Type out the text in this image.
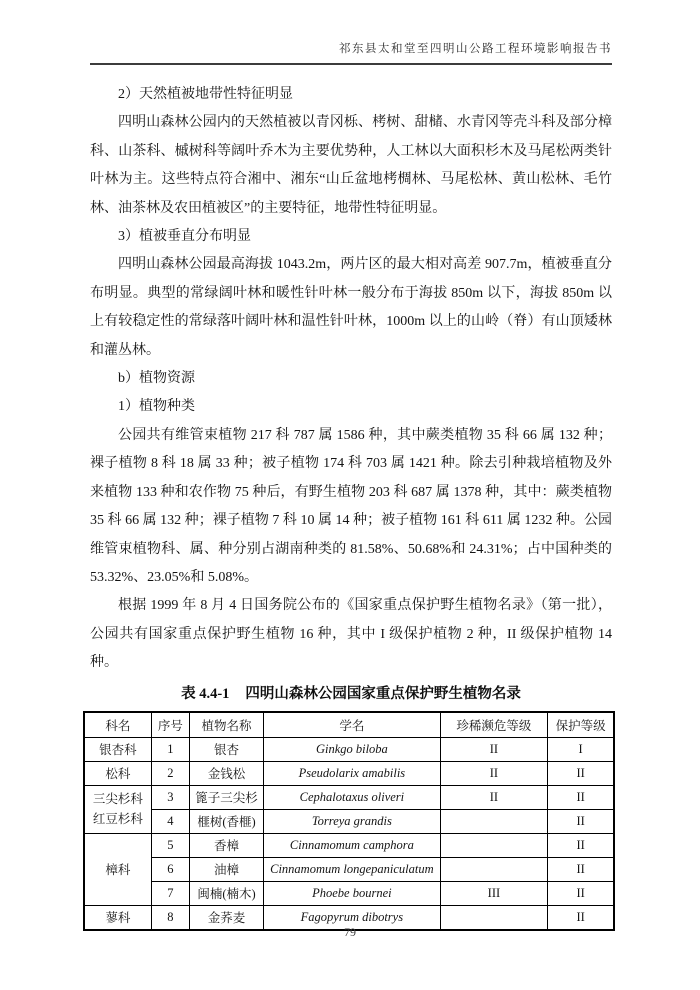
祁东县太和堂至四明山公路工程环境影响报告书

2）天然植被地带性特征明显

四明山森林公园内的天然植被以青冈栎、栲树、甜槠、水青冈等壳斗科及部分樟科、山茶科、槭树科等阔叶乔木为主要优势种，人工林以大面积杉木及马尾松两类针叶林为主。这些特点符合湘中、湘东“山丘盆地栲椆林、马尾松林、黄山松林、毛竹林、油茶林及农田植被区”的主要特征，地带性特征明显。

3）植被垂直分布明显

四明山森林公园最高海拔 1043.2m，两片区的最大相对高差 907.7m，植被垂直分布明显。典型的常绿阔叶林和暖性针叶林一般分布于海拔 850m 以下，海拔 850m 以上有较稳定性的常绿落叶阔叶林和温性针叶林，1000m 以上的山岭（脊）有山顶矮林和灌丛林。

b）植物资源

1）植物种类

公园共有维管束植物 217 科 787 属 1586 种，其中蕨类植物 35 科 66 属 132 种；裸子植物 8 科 18 属 33 种；被子植物 174 科 703 属 1421 种。除去引种栽培植物及外来植物 133 种和农作物 75 种后，有野生植物 203 科 687 属 1378 种，其中：蕨类植物 35 科 66 属 132 种；裸子植物 7 科 10 属 14 种；被子植物 161 科 611 属 1232 种。公园维管束植物科、属、种分别占湖南种类的 81.58%、50.68%和 24.31%；占中国种类的 53.32%、23.05%和 5.08%。

根据 1999 年 8 月 4 日国务院公布的《国家重点保护野生植物名录》（第一批），公园共有国家重点保护野生植物 16 种，其中 I 级保护植物 2 种，II 级保护植物 14 种。

表 4.4-1 四明山森林公园国家重点保护野生植物名录
科名	序号	植物名称	学名	珍稀濒危等级	保护等级
银杏科	1	银杏	Ginkgo biloba	II	I
松科	2	金钱松	Pseudolarix amabilis	II	II

三尖杉科
红豆杉科	3	篦子三尖杉	Cephalotaxus oliveri	II	II
	4	榧树(香榧)	Torreya grandis		II
樟科	5	香樟	Cinnamomum camphora		II
	6	油樟	Cinnamomum longepaniculatum		II
	7	闽楠(楠木)	Phoebe bournei	III	II
蓼科	8	金荞麦	Fagopyrum dibotrys		II
79
